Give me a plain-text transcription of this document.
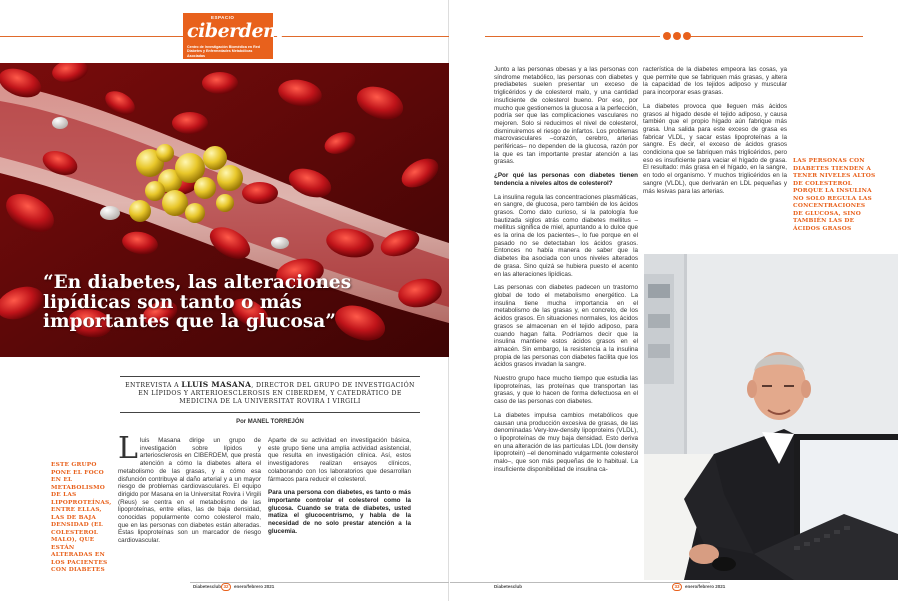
ESPACIO
ciberdem
Centro de Investigación Biomédica en Red Diabetes y Enfermedades Metabólicas Asociadas
“En diabetes, las alteraciones lipídicas son tanto o más importantes que la glucosa”
ENTREVISTA A LLUIS MASANA, DIRECTOR DEL GRUPO DE INVESTIGACIÓN EN LÍPIDOS Y ARTERIOESCLEROSIS EN CIBERDEM, Y CATEDRÁTICO DE MEDICINA DE LA UNIVERSITAT ROVIRA I VIRGILI
Por MANEL TORREJÓN
ESTE GRUPO PONE EL FOCO EN EL METABOLISMO DE LAS LIPOPROTEÍNAS, ENTRE ELLAS, LAS DE BAJA DENSIDAD (EL COLESTEROL MALO), QUE ESTÁN ALTERADAS EN LOS PACIENTES CON DIABETES
L luis Masana dirige un grupo de investigación sobre lípidos y arteriosclerosis en CIBERDEM, que presta atención a cómo la diabetes altera el metabolismo de las grasas, y a cómo esa disfunción contribuye al daño arterial y a un mayor riesgo de problemas cardiovasculares. El equipo dirigido por Masana en la Universitat Rovira i Virgili (Reus) se centra en el metabolismo de las lipoproteínas, entre ellas, las de baja densidad, conocidas popularmente como colesterol malo, que en las personas con diabetes están alteradas. Estas lipoproteínas son un marcador de riesgo cardiovascular.

Aparte de su actividad en investigación básica, este grupo tiene una amplia actividad asistencial, que resulta en investigación clínica. Así, estos investigadores realizan ensayos clínicos, colaborando con los laboratorios que desarrollan fármacos para reducir el colesterol.

Para una persona con diabetes, es tanto o más importante controlar el colesterol como la glucosa. Cuando se trata de diabetes, usted matiza el glucocentrismo, y habla de la necesidad de no solo prestar atención a la glucemia.

Diabetesclub 32	enero/febrero 2021

Junto a las personas obesas y a las personas con síndrome metabólico, las personas con diabetes y prediabetes suelen presentar un exceso de triglicéridos y de colesterol malo, y una cantidad insuficiente de colesterol bueno. Por eso, por mucho que gestionemos la glucosa a la perfección, podría ser que las complicaciones vasculares no mejoren. Solo si reducimos el nivel de colesterol, disminuiremos el riesgo de infartos. Los problemas macrovasculares –corazón, cerebro, arterias periféricas– no dependen de la glucosa, razón por la que es tan importante prestar atención a las grasas.

¿Por qué las personas con diabetes tienen tendencia a niveles altos de colesterol?

La insulina regula las concentraciones plasmáticas, en sangre, de glucosa, pero también de los ácidos grasos. Como dato curioso, si la patología fue bautizada siglos atrás como diabetes mellitus –mellitus significa de miel, apuntando a lo dulce que es la orina de los pacientes–, lo fue porque en el pasado no se detectaban los ácidos grasos. Entonces no había manera de saber que la diabetes iba asociada con unos niveles alterados de grasa. Sino quizá se hubiera puesto el acento en las alteraciones lipídicas.

Las personas con diabetes padecen un trastorno global de todo el metabolismo energético. La insulina tiene mucha importancia en el metabolismo de las grasas y, en concreto, de los ácidos grasos. En situaciones normales, los ácidos grasos se almacenan en el tejido adiposo, para cuando hagan falta. Podríamos decir que la insulina mantiene estos ácidos grasos en el almacén. Sin embargo, la resistencia a la insulina propia de las personas con diabetes facilita que los ácidos grasos invadan la sangre.

Nuestro grupo hace mucho tiempo que estudia las lipoproteínas, las proteínas que transportan las grasas, y que lo hacen de forma defectuosa en el caso de las personas con diabetes.

La diabetes impulsa cambios metabólicos que causan una producción excesiva de grasas, de las denominadas Very-low-density lipoproteins (VLDL), o lipoproteínas de muy baja densidad. Esto deriva en una alteración de las partículas LDL (low density lipoprotein) –el denominado vulgarmente colesterol malo–, que son más pequeñas de lo habitual. La insuficiente disponibilidad de insulina ca-

racterística de la diabetes empeora las cosas, ya que permite que se fabriquen más grasas, y altera la capacidad de los tejidos adiposo y muscular para incorporar esas grasas.

La diabetes provoca que lleguen más ácidos grasos al hígado desde el tejido adiposo, y causa también que el propio hígado aún fabrique más grasa. Una salida para este exceso de grasa es fabricar VLDL, y sacar estas lipoproteínas a la sangre. Es decir, el exceso de ácidos grasos condiciona que se fabriquen más triglicéridos, pero eso es insuficiente para vaciar el hígado de grasa. El resultado: más grasa en el hígado, en la sangre, en todo el organismo. Y muchos triglicéridos en la sangre (VLDL), que derivarán en LDL pequeñas y más lesivas para las arterias.

LAS PERSONAS CON DIABETES TIENDEN A TENER NIVELES ALTOS DE COLESTEROL PORQUE LA INSULINA NO SOLO REGULA LAS CONCENTRACIONES DE GLUCOSA, SINO TAMBIÉN LAS DE ÁCIDOS GRASOS
Diabetesclub	33	enero/febrero 2021
